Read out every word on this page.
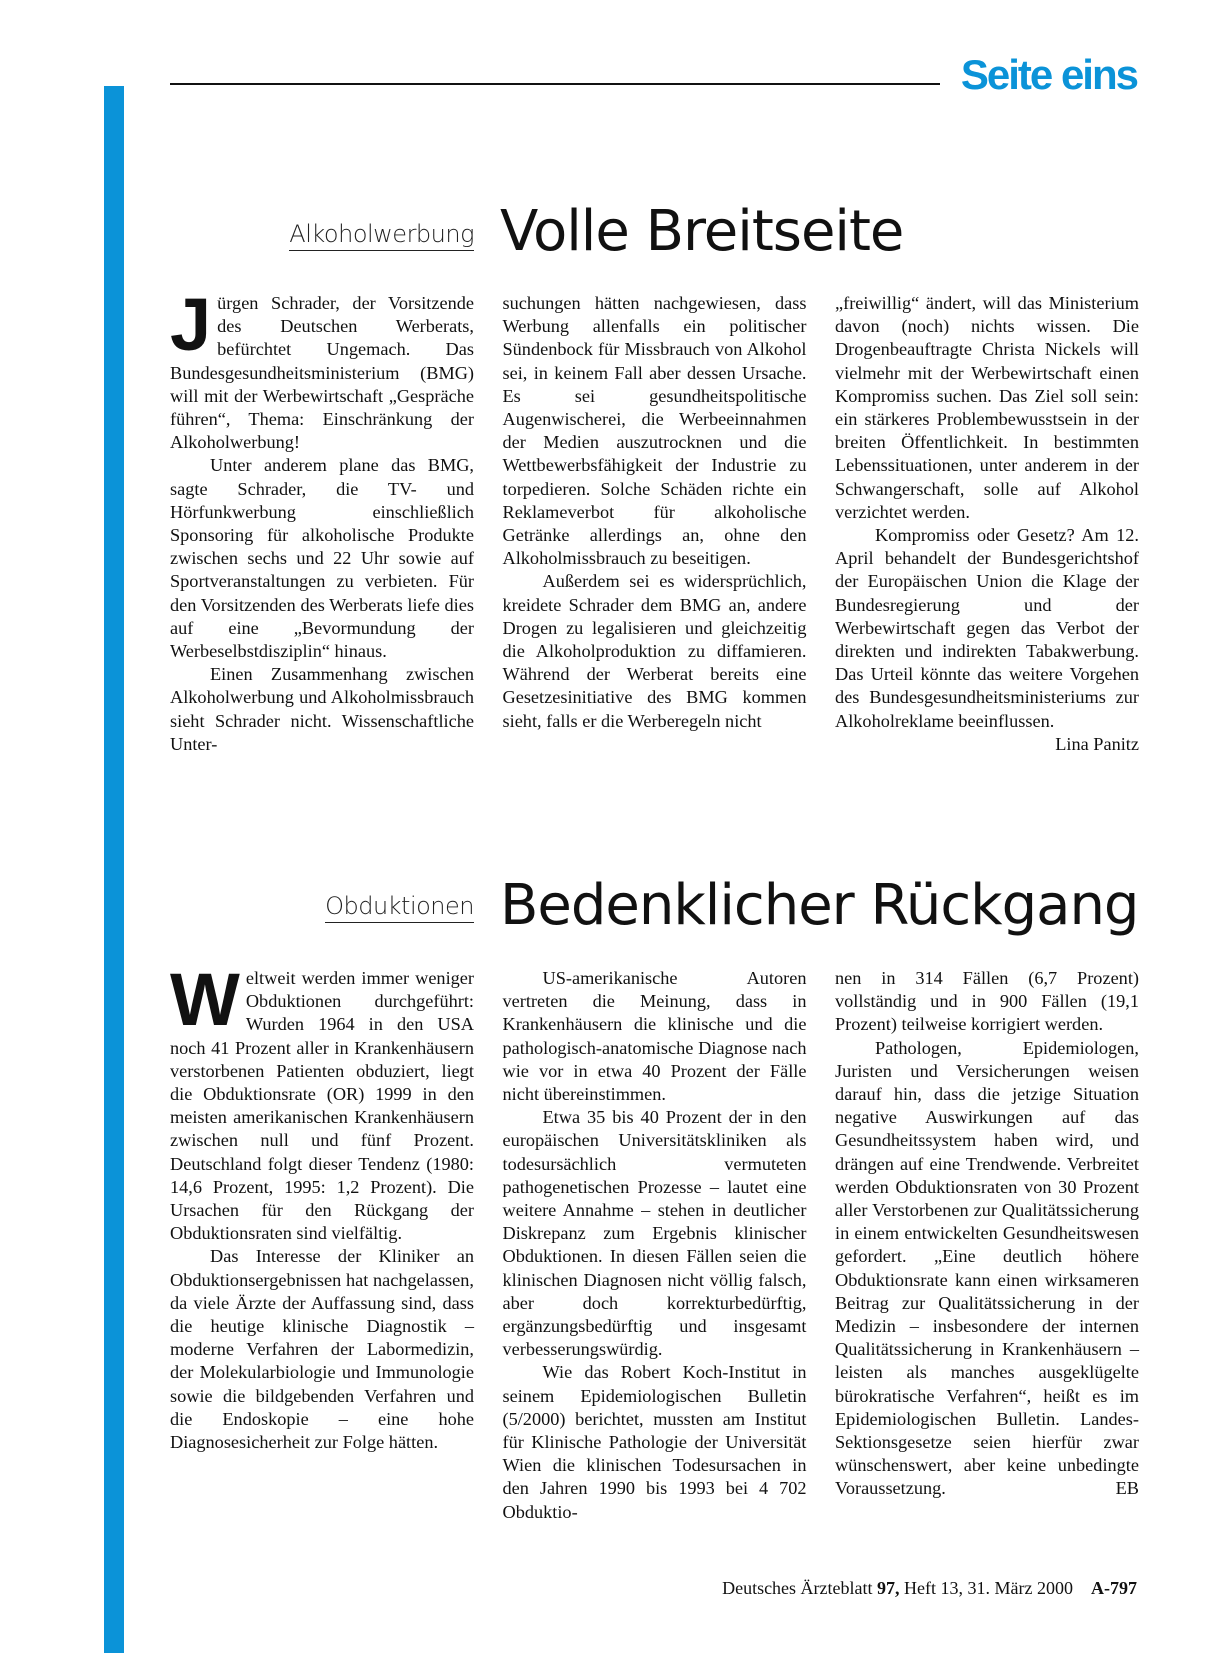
Seite eins
Alkoholwerbung Volle Breitseite

Jürgen Schrader, der Vorsitzende des Deutschen Werberats, befürchtet Ungemach. Das Bundesgesundheitsministerium (BMG) will mit der Werbewirtschaft „Gespräche führen“, Thema: Einschränkung der Alkoholwerbung!

Unter anderem plane das BMG, sagte Schrader, die TV- und Hörfunkwerbung einschließlich Sponsoring für alkoholische Produkte zwischen sechs und 22 Uhr sowie auf Sportveranstaltungen zu verbieten. Für den Vorsitzenden des Werberats liefe dies auf eine „Bevormundung der Werbeselbstdisziplin“ hinaus.

Einen Zusammenhang zwischen Alkoholwerbung und Alkoholmissbrauch sieht Schrader nicht. Wissenschaftliche Unter-

suchungen hätten nachgewiesen, dass Werbung allenfalls ein politischer Sündenbock für Missbrauch von Alkohol sei, in keinem Fall aber dessen Ursache. Es sei gesundheitspolitische Augenwischerei, die Werbeeinnahmen der Medien auszutrocknen und die Wettbewerbsfähigkeit der Industrie zu torpedieren. Solche Schäden richte ein Reklameverbot für alkoholische Getränke allerdings an, ohne den Alkoholmissbrauch zu beseitigen.

Außerdem sei es widersprüchlich, kreidete Schrader dem BMG an, andere Drogen zu legalisieren und gleichzeitig die Alkoholproduktion zu diffamieren. Während der Werberat bereits eine Gesetzesinitiative des BMG kommen sieht, falls er die Werberegeln nicht

„freiwillig“ ändert, will das Ministerium davon (noch) nichts wissen. Die Drogenbeauftragte Christa Nickels will vielmehr mit der Werbewirtschaft einen Kompromiss suchen. Das Ziel soll sein: ein stärkeres Problembewusstsein in der breiten Öffentlichkeit. In bestimmten Lebenssituationen, unter anderem in der Schwangerschaft, solle auf Alkohol verzichtet werden.

Kompromiss oder Gesetz? Am 12. April behandelt der Bundesgerichtshof der Europäischen Union die Klage der Bundesregierung und der Werbewirtschaft gegen das Verbot der direkten und indirekten Tabakwerbung. Das Urteil könnte das weitere Vorgehen des Bundesgesundheitsministeriums zur Alkoholreklame beeinflussen.
Lina Panitz

Obduktionen Bedenklicher Rückgang

Weltweit werden immer weniger Obduktionen durchgeführt: Wurden 1964 in den USA noch 41 Prozent aller in Krankenhäusern verstorbenen Patienten obduziert, liegt die Obduktionsrate (OR) 1999 in den meisten amerikanischen Krankenhäusern zwischen null und fünf Prozent. Deutschland folgt dieser Tendenz (1980: 14,6 Prozent, 1995: 1,2 Prozent). Die Ursachen für den Rückgang der Obduktionsraten sind vielfältig.

Das Interesse der Kliniker an Obduktionsergebnissen hat nachgelassen, da viele Ärzte der Auffassung sind, dass die heutige klinische Diagnostik – moderne Verfahren der Labormedizin, der Molekularbiologie und Immunologie sowie die bildgebenden Verfahren und die Endoskopie – eine hohe Diagnosesicherheit zur Folge hätten.

US-amerikanische Autoren vertreten die Meinung, dass in Krankenhäusern die klinische und die pathologisch-anatomische Diagnose nach wie vor in etwa 40 Prozent der Fälle nicht übereinstimmen.

Etwa 35 bis 40 Prozent der in den europäischen Universitätskliniken als todesursächlich vermuteten pathogenetischen Prozesse – lautet eine weitere Annahme – stehen in deutlicher Diskrepanz zum Ergebnis klinischer Obduktionen. In diesen Fällen seien die klinischen Diagnosen nicht völlig falsch, aber doch korrekturbedürftig, ergänzungsbedürftig und insgesamt verbesserungswürdig.

Wie das Robert Koch-Institut in seinem Epidemiologischen Bulletin (5/2000) berichtet, mussten am Institut für Klinische Pathologie der Universität Wien die klinischen Todesursachen in den Jahren 1990 bis 1993 bei 4 702 Obduktio-

nen in 314 Fällen (6,7 Prozent) vollständig und in 900 Fällen (19,1 Prozent) teilweise korrigiert werden.

Pathologen, Epidemiologen, Juristen und Versicherungen weisen darauf hin, dass die jetzige Situation negative Auswirkungen auf das Gesundheitssystem haben wird, und drängen auf eine Trendwende. Verbreitet werden Obduktionsraten von 30 Prozent aller Verstorbenen zur Qualitätssicherung in einem entwickelten Gesundheitswesen gefordert. „Eine deutlich höhere Obduktionsrate kann einen wirksameren Beitrag zur Qualitätssicherung in der Medizin – insbesondere der internen Qualitätssicherung in Krankenhäusern – leisten als manches ausgeklügelte bürokratische Verfahren“, heißt es im Epidemiologischen Bulletin. Landes-Sektionsgesetze seien hierfür zwar wünschenswert, aber keine unbedingte Voraussetzung.	EB

Deutsches Ärzteblatt 97, Heft 13, 31. März 2000 A-797
